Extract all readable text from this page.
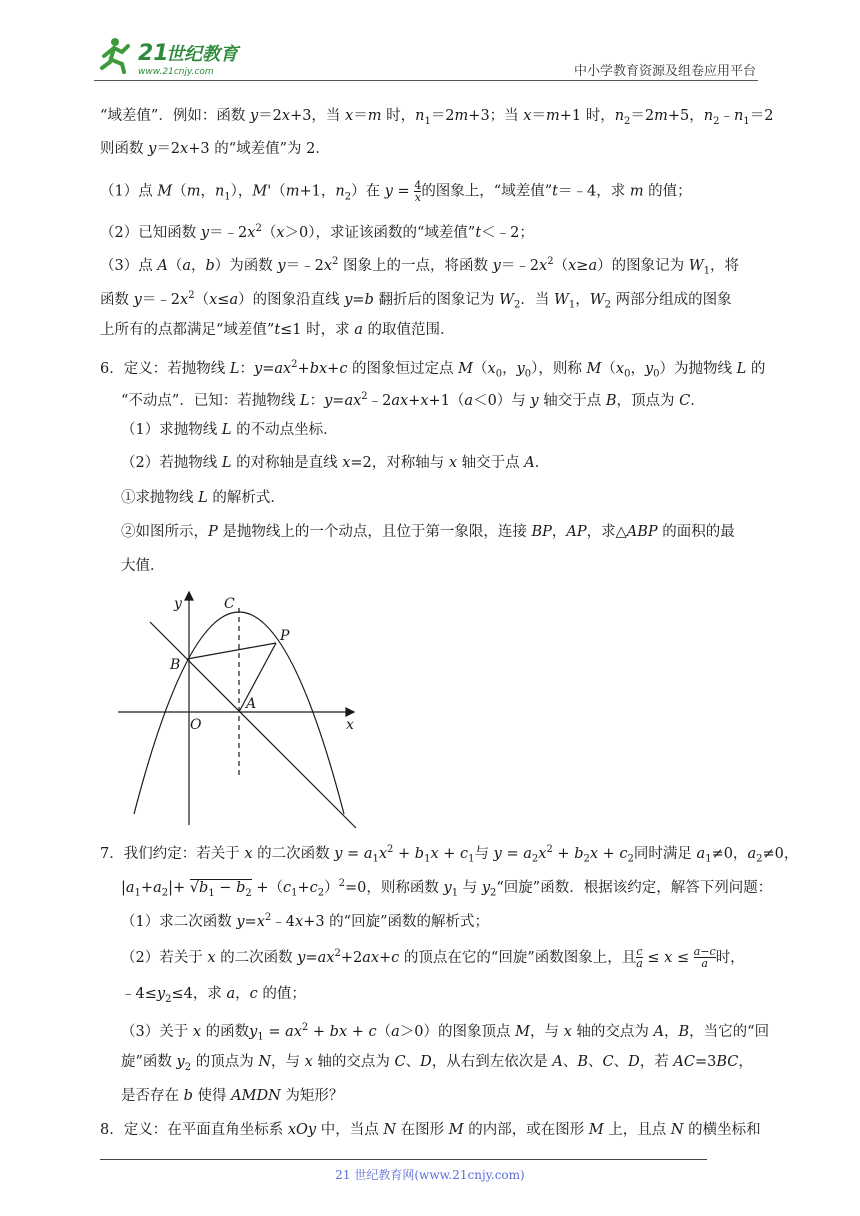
21
世纪教育
www.21cnjy.com	中小学教育资源及组卷应用平台
“域差值”．例如：函数 y＝2x+3，当 x＝m 时，$n_1=2m+3$；当 x＝m+1 时，$n_2=2m+5$，$n_2﹣n_1=2$
则函数 y＝2x+3 的“域差值”为 2．
（1）点 M（m，$n_1$），M'（m+1，$n_2$）在 $y = \frac{4}{x}$ 的图象上，“域差值”t＝﹣4，求 m 的值；
（2）已知函数 $y=﹣2x^2(x>0)$，求证该函数的“域差值”t＜﹣2；
（3）点 A（a，b）为函数 $y=﹣2x^2$ 图象上的一点，将函数 $y=﹣2x^2(x\ge a)$的图象记为 $W_1$，将
函数 $y=﹣2x^2(x\le a)$的图象沿直线 y=b 翻折后的图象记为 $W_2$．当 $W_1$，$W_2$ 两部分组成的图象
上所有的点都满足“域差值”t≤1 时，求 a 的取值范围．
6．定义：若抛物线 L：$y=ax^2+bx+c$ 的图象恒过定点 $M(x_0$，$y_0$），则称 $M(x_0$，$y_0$）为抛物线 L 的
“不动点”．已知：若抛物线 L：$y=ax^2﹣2ax+x+1(a<0)$与 y 轴交于点 B，顶点为 C．
（1）求抛物线 L 的不动点坐标．
（2）若抛物线 L 的对称轴是直线 x=2，对称轴与 x 轴交于点 A．
①求抛物线 L 的解析式．
②如图所示，P 是抛物线上的一个动点，且位于第一象限，连接 BP，AP，求△ABP 的面积的最
大值．
y	C
P
B
A
O	x
7．我们约定：若关于 x 的二次函数 $y = a_1x^2 + b_1x + c_1$与 $y = a_2x^2 + b_2x + c_2$同时满足 $a_1\ne 0$，$a_2\ne 0$，
$|a_1+a_2|+ √b_1 - b_2 +(c_1+c_2)^2=0$，则称函数 $y_1$ 与 $y_2“$回旋”函数．根据该约定，解答下列问题：
（1）求二次函数 $y=x^2﹣4x+3$ 的“回旋”函数的解析式；
（2）若关于 x 的二次函数 $y=ax^2+2ax+c$ 的顶点在它的“回旋”函数图象上，且 $\frac{c}{a} \le x \le \frac{a-c}{a}$ 时，
$﹣4\le y_2\le 4$，求 a，c 的值；
（3）关于 x 的函数$y_1 = ax^2$ + bx + c（a＞0）的图象顶点 M，与 x 轴的交点为 A，B，当它的“回
旋”函数 $y_2$ 的顶点为 N，与 x 轴的交点为 C、D，从右到左依次是 A、B、C、D，若 AC=3BC，
是否存在 b 使得 AMDN 为矩形？
8．定义：在平面直角坐标系 xOy 中，当点 N 在图形 M 的内部，或在图形 M 上，且点 N 的横坐标和
21 世纪教育网(www.21cnjy.com)
